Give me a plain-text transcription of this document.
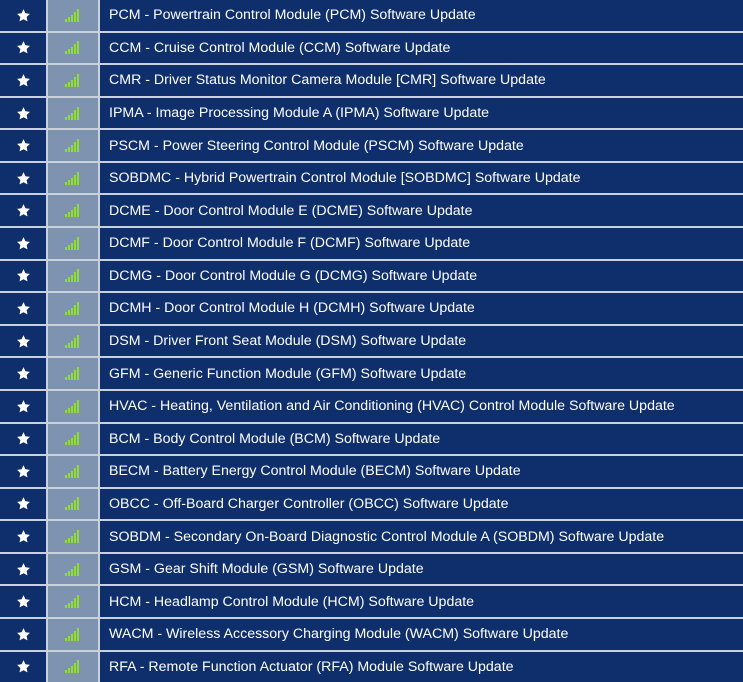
PCM - Powertrain Control Module (PCM) Software Update
CCM - Cruise Control Module (CCM) Software Update
CMR - Driver Status Monitor Camera Module [CMR] Software Update
IPMA - Image Processing Module A (IPMA) Software Update
PSCM - Power Steering Control Module (PSCM) Software Update
SOBDMC - Hybrid Powertrain Control Module [SOBDMC] Software Update
DCME - Door Control Module E (DCME) Software Update
DCMF - Door Control Module F (DCMF) Software Update
DCMG - Door Control Module G (DCMG) Software Update
DCMH - Door Control Module H (DCMH) Software Update
DSM - Driver Front Seat Module (DSM) Software Update
GFM - Generic Function Module (GFM) Software Update
HVAC - Heating, Ventilation and Air Conditioning (HVAC) Control Module Software Update
BCM - Body Control Module (BCM) Software Update
BECM - Battery Energy Control Module (BECM) Software Update
OBCC - Off-Board Charger Controller (OBCC) Software Update
SOBDM - Secondary On-Board Diagnostic Control Module A (SOBDM) Software Update
GSM - Gear Shift Module (GSM) Software Update
HCM - Headlamp Control Module (HCM) Software Update
WACM - Wireless Accessory Charging Module (WACM) Software Update
RFA - Remote Function Actuator (RFA) Module Software Update
